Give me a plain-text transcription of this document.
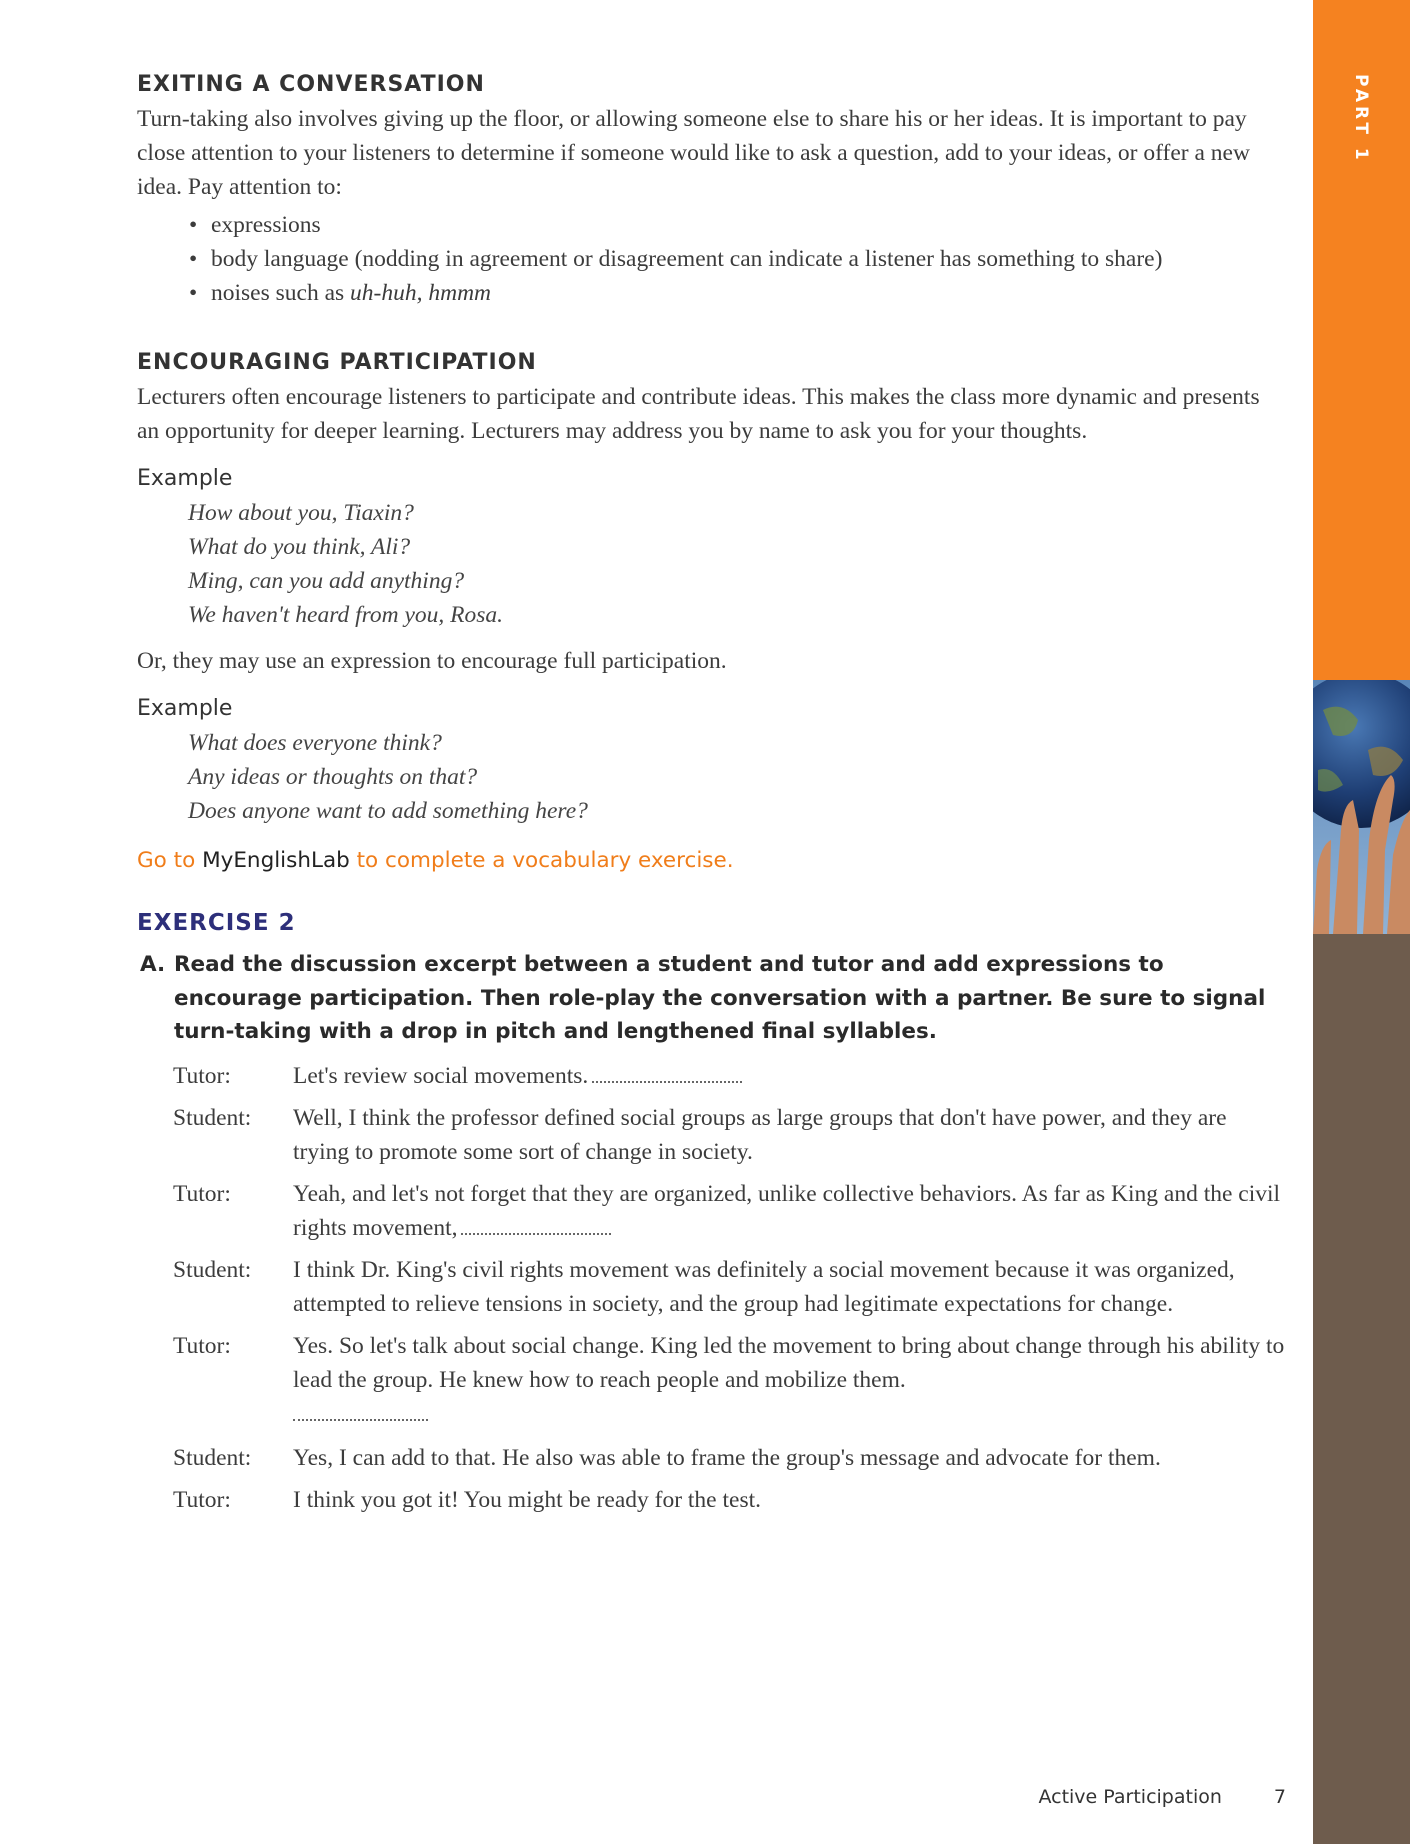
EXITING A CONVERSATION

Turn-taking also involves giving up the floor, or allowing someone else to share his or her ideas. It is important to pay close attention to your listeners to determine if someone would like to ask a question, add to your ideas, or offer a new idea. Pay attention to:

• expressions
• body language (nodding in agreement or disagreement can indicate a listener has something to share)
• noises such as uh-huh, hmmm
ENCOURAGING PARTICIPATION

Lecturers often encourage listeners to participate and contribute ideas. This makes the class more dynamic and presents an opportunity for deeper learning. Lecturers may address you by name to ask you for your thoughts.

Example
How about you, Tiaxin?
What do you think, Ali?
Ming, can you add anything?
We haven't heard from you, Rosa.

Or, they may use an expression to encourage full participation.

Example
What does everyone think?
Any ideas or thoughts on that?
Does anyone want to add something here?
Go to MyEnglishLab to complete a vocabulary exercise.
EXERCISE 2
A. Read the discussion excerpt between a student and tutor and add expressions to encourage participation. Then role-play the conversation with a partner. Be sure to signal turn-taking with a drop in pitch and lengthened final syllables.
Tutor:	Let's review social movements.
Student:	Well, I think the professor defined social groups as large groups that don't have power, and they are trying to promote some sort of change in society.
Tutor:	Yeah, and let's not forget that they are organized, unlike collective behaviors. As far as King and the civil rights movement,
Student:	I think Dr. King's civil rights movement was definitely a social movement because it was organized, attempted to relieve tensions in society, and the group had legitimate expectations for change.
Tutor:	Yes. So let's talk about social change. King led the movement to bring about change through his ability to lead the group. He knew how to reach people and mobilize them.
Student:	Yes, I can add to that. He also was able to frame the group's message and advocate for them.
Tutor:	I think you got it! You might be ready for the test.
PART 1
Active Participation	7
